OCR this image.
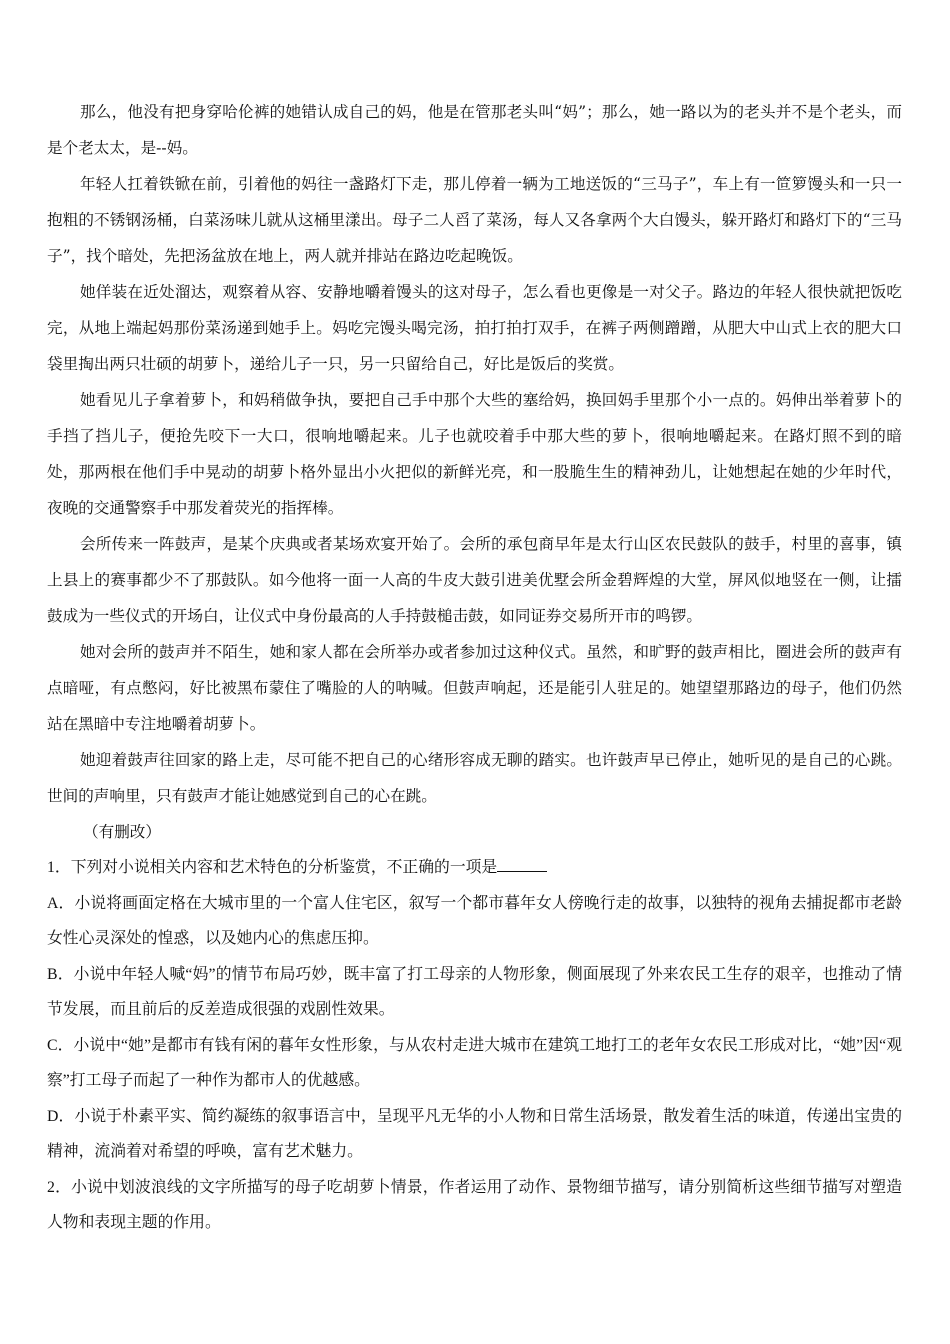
那么，他没有把身穿哈伦裤的她错认成自己的妈，他是在管那老头叫“妈”；那么，她一路以为的老头并不是个老头，而是个老太太，是--妈。

年轻人扛着铁锨在前，引着他的妈往一盏路灯下走，那儿停着一辆为工地送饭的“三马子”，车上有一笸箩馒头和一只一抱粗的不锈钢汤桶，白菜汤味儿就从这桶里漾出。母子二人舀了菜汤，每人又各拿两个大白馒头，躲开路灯和路灯下的“三马子”，找个暗处，先把汤盆放在地上，两人就并排站在路边吃起晚饭。

她佯装在近处溜达，观察着从容、安静地嚼着馒头的这对母子，怎么看也更像是一对父子。路边的年轻人很快就把饭吃完，从地上端起妈那份菜汤递到她手上。妈吃完馒头喝完汤，拍打拍打双手，在裤子两侧蹭蹭，从肥大中山式上衣的肥大口袋里掏出两只壮硕的胡萝卜，递给儿子一只，另一只留给自己，好比是饭后的奖赏。

她看见儿子拿着萝卜，和妈稍做争执，要把自己手中那个大些的塞给妈，换回妈手里那个小一点的。妈伸出举着萝卜的手挡了挡儿子，便抢先咬下一大口，很响地嚼起来。儿子也就咬着手中那大些的萝卜，很响地嚼起来。在路灯照不到的暗处，那两根在他们手中晃动的胡萝卜格外显出小火把似的新鲜光亮，和一股脆生生的精神劲儿，让她想起在她的少年时代，夜晚的交通警察手中那发着荧光的指挥棒。

会所传来一阵鼓声，是某个庆典或者某场欢宴开始了。会所的承包商早年是太行山区农民鼓队的鼓手，村里的喜事，镇上县上的赛事都少不了那鼓队。如今他将一面一人高的牛皮大鼓引进美优墅会所金碧辉煌的大堂，屏风似地竖在一侧，让擂鼓成为一些仪式的开场白，让仪式中身份最高的人手持鼓槌击鼓，如同证券交易所开市的鸣锣。

她对会所的鼓声并不陌生，她和家人都在会所举办或者参加过这种仪式。虽然，和旷野的鼓声相比，圈进会所的鼓声有点暗哑，有点憋闷，好比被黑布蒙住了嘴脸的人的呐喊。但鼓声响起，还是能引人驻足的。她望望那路边的母子，他们仍然站在黑暗中专注地嚼着胡萝卜。

她迎着鼓声往回家的路上走，尽可能不把自己的心绪形容成无聊的踏实。也许鼓声早已停止，她听见的是自己的心跳。世间的声响里，只有鼓声才能让她感觉到自己的心在跳。

（有删改）

1．下列对小说相关内容和艺术特色的分析鉴赏，不正确的一项是

A．小说将画面定格在大城市里的一个富人住宅区，叙写一个都市暮年女人傍晚行走的故事，以独特的视角去捕捉都市老龄女性心灵深处的惶惑，以及她内心的焦虑压抑。

B．小说中年轻人喊“妈”的情节布局巧妙，既丰富了打工母亲的人物形象，侧面展现了外来农民工生存的艰辛，也推动了情节发展，而且前后的反差造成很强的戏剧性效果。

C．小说中“她”是都市有钱有闲的暮年女性形象，与从农村走进大城市在建筑工地打工的老年女农民工形成对比，“她”因“观察”打工母子而起了一种作为都市人的优越感。

D．小说于朴素平实、简约凝练的叙事语言中，呈现平凡无华的小人物和日常生活场景，散发着生活的味道，传递出宝贵的精神，流淌着对希望的呼唤，富有艺术魅力。

2．小说中划波浪线的文字所描写的母子吃胡萝卜情景，作者运用了动作、景物细节描写，请分别简析这些细节描写对塑造人物和表现主题的作用。
